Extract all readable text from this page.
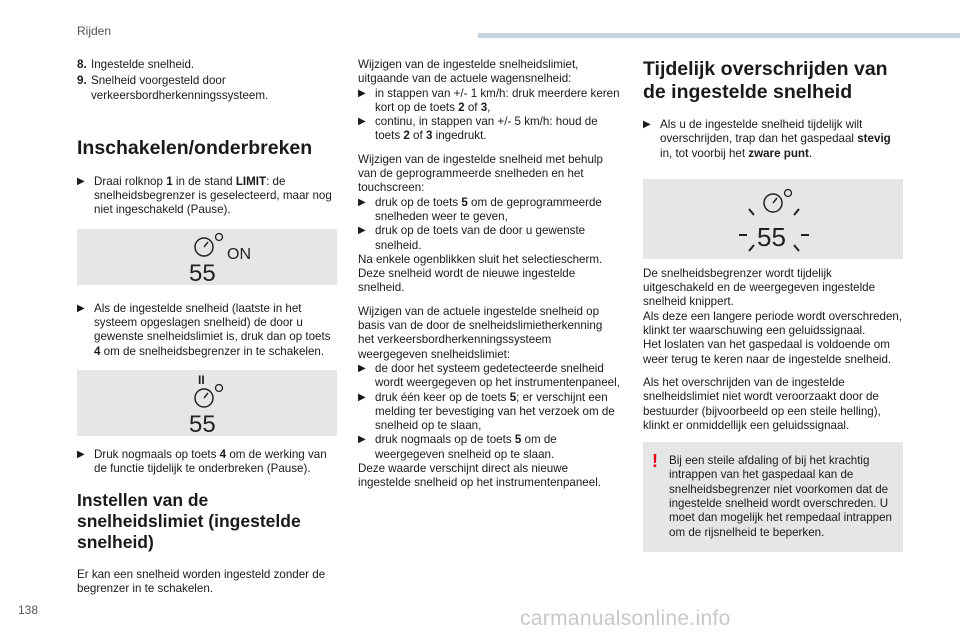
Rijden
8. Ingestelde snelheid.
9. Snelheid voorgesteld door verkeersbordherkenningssysteem.
Inschakelen/onderbreken
▶ Draai rolknop 1 in de stand LIMIT: de snelheidsbegrenzer is geselecteerd, maar nog niet ingeschakeld (Pause).
55
ON
▶ Als de ingestelde snelheid (laatste in het systeem opgeslagen snelheid) de door u gewenste snelheidslimiet is, druk dan op toets 4 om de snelheidsbegrenzer in te schakelen.
II
55
▶ Druk nogmaals op toets 4 om de werking van de functie tijdelijk te onderbreken (Pause).
Instellen van de snelheidslimiet (ingestelde snelheid)

Er kan een snelheid worden ingesteld zonder de begrenzer in te schakelen.

Wijzigen van de ingestelde snelheidslimiet, uitgaande van de actuele wagensnelheid:

▶ in stappen van +/- 1 km/h: druk meerdere keren kort op de toets 2 of 3,
▶ continu, in stappen van +/- 5 km/h: houd de toets 2 of 3 ingedrukt.

Wijzigen van de ingestelde snelheid met behulp van de geprogrammeerde snelheden en het touchscreen:

▶ druk op de toets 5 om de geprogrammeerde snelheden weer te geven,
▶ druk op de toets van de door u gewenste snelheid.

Na enkele ogenblikken sluit het selectiescherm. Deze snelheid wordt de nieuwe ingestelde snelheid.

Wijzigen van de actuele ingestelde snelheid op basis van de door de snelheidslimietherkenning het verkeersbordherkenningssysteem weergegeven snelheidslimiet:

▶ de door het systeem gedetecteerde snelheid wordt weergegeven op het instrumentenpaneel,
▶ druk één keer op de toets 5; er verschijnt een melding ter bevestiging van het verzoek om de snelheid op te slaan,
▶ druk nogmaals op de toets 5 om de weergegeven snelheid op te slaan.

Deze waarde verschijnt direct als nieuwe ingestelde snelheid op het instrumentenpaneel.

Tijdelijk overschrijden van de ingestelde snelheid
▶ Als u de ingestelde snelheid tijdelijk wilt overschrijden, trap dan het gaspedaal stevig in, tot voorbij het zware punt.
55

De snelheidsbegrenzer wordt tijdelijk uitgeschakeld en de weergegeven ingestelde snelheid knippert.

Als deze een langere periode wordt overschreden, klinkt ter waarschuwing een geluidssignaal.

Het loslaten van het gaspedaal is voldoende om weer terug te keren naar de ingestelde snelheid.

Als het overschrijden van de ingestelde snelheidslimiet niet wordt veroorzaakt door de bestuurder (bijvoorbeeld op een steile helling), klinkt er onmiddellijk een geluidssignaal.

! Bij een steile afdaling of bij het krachtig intrappen van het gaspedaal kan de snelheidsbegrenzer niet voorkomen dat de ingestelde snelheid wordt overschreden. U moet dan mogelijk het rempedaal intrappen om de rijsnelheid te beperken.
138	carmanualsonline.info
